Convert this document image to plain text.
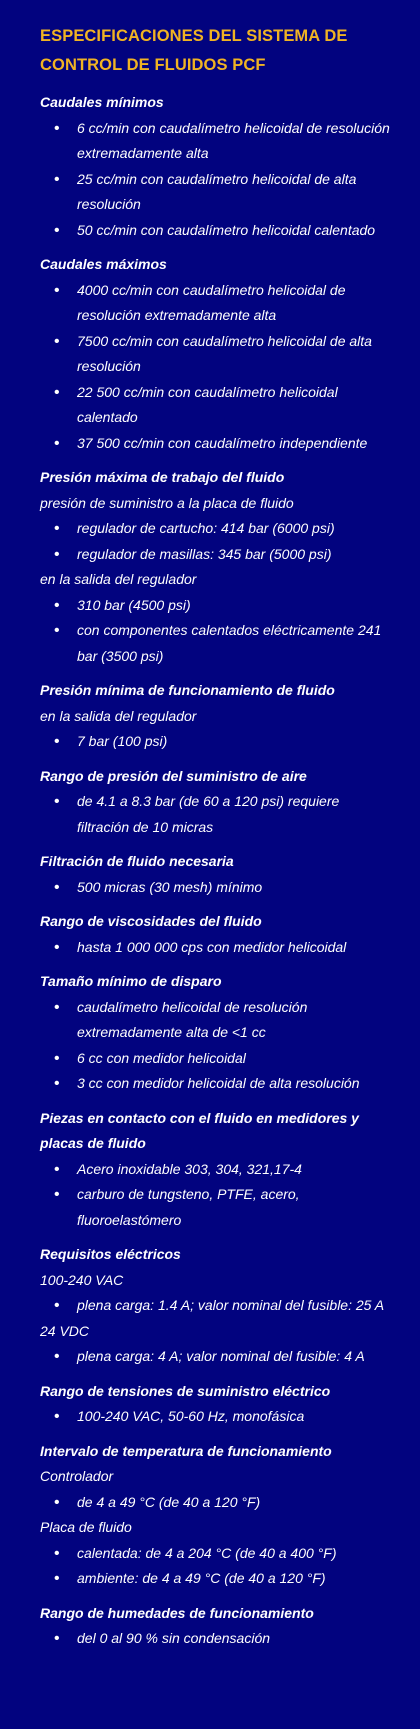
ESPECIFICACIONES DEL SISTEMA DE CONTROL DE FLUIDOS PCF
Caudales mínimos
• 6 cc/min con caudalímetro helicoidal de resolución extremadamente alta
• 25 cc/min con caudalímetro helicoidal de alta resolución
• 50 cc/min con caudalímetro helicoidal calentado
Caudales máximos
• 4000 cc/min con caudalímetro helicoidal de resolución extremadamente alta
• 7500 cc/min con caudalímetro helicoidal de alta resolución
• 22 500 cc/min con caudalímetro helicoidal calentado
• 37 500 cc/min con caudalímetro independiente
Presión máxima de trabajo del fluido
presión de suministro a la placa de fluido
• regulador de cartucho: 414 bar (6000 psi)
• regulador de masillas: 345 bar (5000 psi)
en la salida del regulador
• 310 bar (4500 psi)
• con componentes calentados eléctricamente 241 bar (3500 psi)
Presión mínima de funcionamiento de fluido
en la salida del regulador
• 7 bar (100 psi)
Rango de presión del suministro de aire
• de 4.1 a 8.3 bar (de 60 a 120 psi) requiere filtración de 10 micras
Filtración de fluido necesaria
• 500 micras (30 mesh) mínimo
Rango de viscosidades del fluido
• hasta 1 000 000 cps con medidor helicoidal
Tamaño mínimo de disparo
• caudalímetro helicoidal de resolución extremadamente alta de <1 cc
• 6 cc con medidor helicoidal
• 3 cc con medidor helicoidal de alta resolución
Piezas en contacto con el fluido en medidores y placas de fluido
• Acero inoxidable 303, 304, 321,17-4
• carburo de tungsteno, PTFE, acero, fluoroelastómero
Requisitos eléctricos
100-240 VAC
• plena carga: 1.4 A; valor nominal del fusible: 25 A
24 VDC
• plena carga: 4 A; valor nominal del fusible: 4 A
Rango de tensiones de suministro eléctrico
• 100-240 VAC, 50-60 Hz, monofásica
Intervalo de temperatura de funcionamiento
Controlador
• de 4 a 49 °C (de 40 a 120 °F)
Placa de fluido
• calentada: de 4 a 204 °C (de 40 a 400 °F)
• ambiente: de 4 a 49 °C (de 40 a 120 °F)
Rango de humedades de funcionamiento
• del 0 al 90 % sin condensación
